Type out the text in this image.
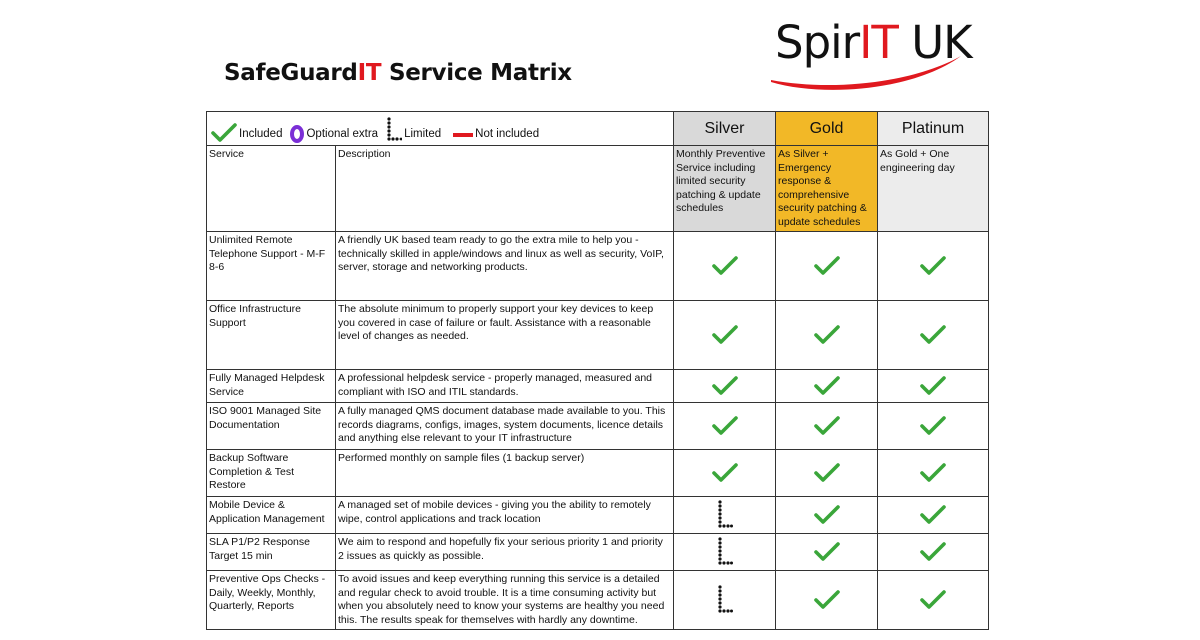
SafeGuardIT Service Matrix
SpirIT UK
Included Optional extra Limited Not included		Silver	Gold	Platinum
Service	Description	Monthly Preventive Service including limited security patching & update schedules	As Silver + Emergency response & comprehensive security patching & update schedules	As Gold + One engineering day
Unlimited Remote Telephone Support - M-F 8-6	A friendly UK based team ready to go the extra mile to help you - technically skilled in apple/windows and linux as well as security, VoIP, server, storage and networking products.			
Office Infrastructure Support	The absolute minimum to properly support your key devices to keep you covered in case of failure or fault. Assistance with a reasonable level of changes as needed.			
Fully Managed Helpdesk Service	A professional helpdesk service - properly managed, measured and compliant with ISO and ITIL standards.			
ISO 9001 Managed Site Documentation	A fully managed QMS document database made available to you. This records diagrams, configs, images, system documents, licence details and anything else relevant to your IT infrastructure			
Backup Software Completion & Test Restore	Performed monthly on sample files (1 backup server)			
Mobile Device & Application Management	A managed set of mobile devices - giving you the ability to remotely wipe, control applications and track location			
SLA P1/P2 Response Target 15 min	We aim to respond and hopefully fix your serious priority 1 and priority 2 issues as quickly as possible.			
Preventive Ops Checks - Daily, Weekly, Monthly, Quarterly, Reports	To avoid issues and keep everything running this service is a detailed and regular check to avoid trouble. It is a time consuming activity but when you absolutely need to know your systems are healthy you need this. The results speak for themselves with hardly any downtime.			
